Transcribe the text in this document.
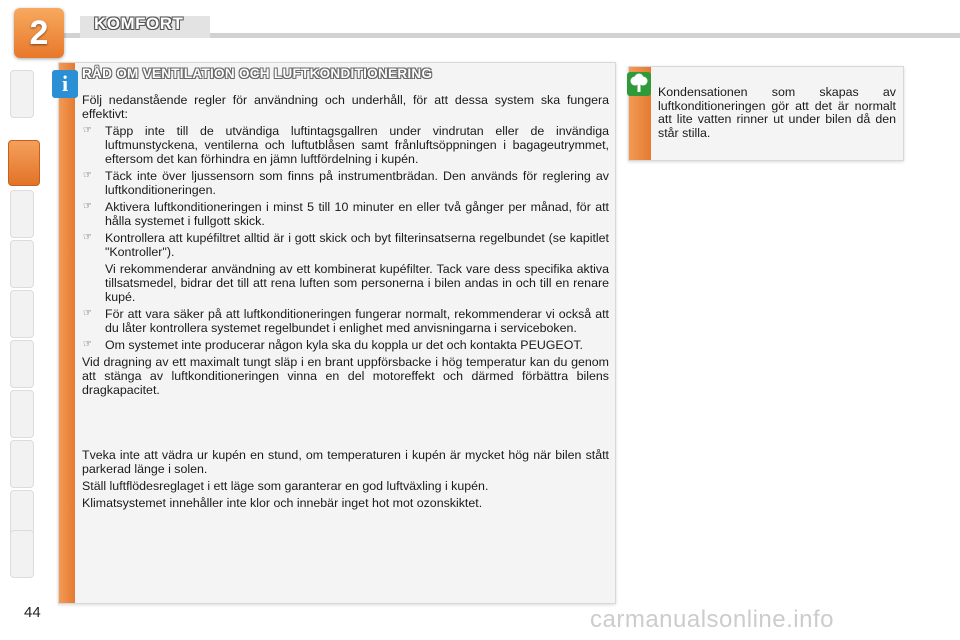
2	KOMFORT
i	RÅD OM VENTILATION OCH LUFTKONDITIONERING

Följ nedanstående regler för användning och underhåll, för att dessa system ska fungera effektivt:

☞ Täpp inte till de utvändiga luftintagsgallren under vindrutan eller de invändiga luftmunstyckena, ventilerna och luftutblåsen samt frånluftsöppningen i bagageutrymmet, eftersom det kan förhindra en jämn luftfördelning i kupén.
☞ Täck inte över ljussensorn som finns på instrumentbrädan. Den används för reglering av luftkonditioneringen.
☞ Aktivera luftkonditioneringen i minst 5 till 10 minuter en eller två gånger per månad, för att hålla systemet i fullgott skick.
☞ Kontrollera att kupéfiltret alltid är i gott skick och byt filterinsatserna regelbundet (se kapitlet "Kontroller").
Vi rekommenderar användning av ett kombinerat kupéfilter. Tack vare dess specifika aktiva tillsatsmedel, bidrar det till att rena luften som personerna i bilen andas in och till en renare kupé.
☞ För att vara säker på att luftkonditioneringen fungerar normalt, rekommenderar vi också att du låter kontrollera systemet regelbundet i enlighet med anvisningarna i serviceboken.
☞ Om systemet inte producerar någon kyla ska du koppla ur det och kontakta PEUGEOT.

Vid dragning av ett maximalt tungt släp i en brant uppförsbacke i hög temperatur kan du genom att stänga av luftkonditioneringen vinna en del motoreffekt och därmed förbättra bilens dragkapacitet.

Tveka inte att vädra ur kupén en stund, om temperaturen i kupén är mycket hög när bilen stått parkerad länge i solen.

Ställ luftflödesreglaget i ett läge som garanterar en god luftväxling i kupén.

Klimatsystemet innehåller inte klor och innebär inget hot mot ozonskiktet.

Kondensationen som skapas av luftkonditioneringen gör att det är normalt att lite vatten rinner ut under bilen då den står stilla.
44	carmanualsonline.info
